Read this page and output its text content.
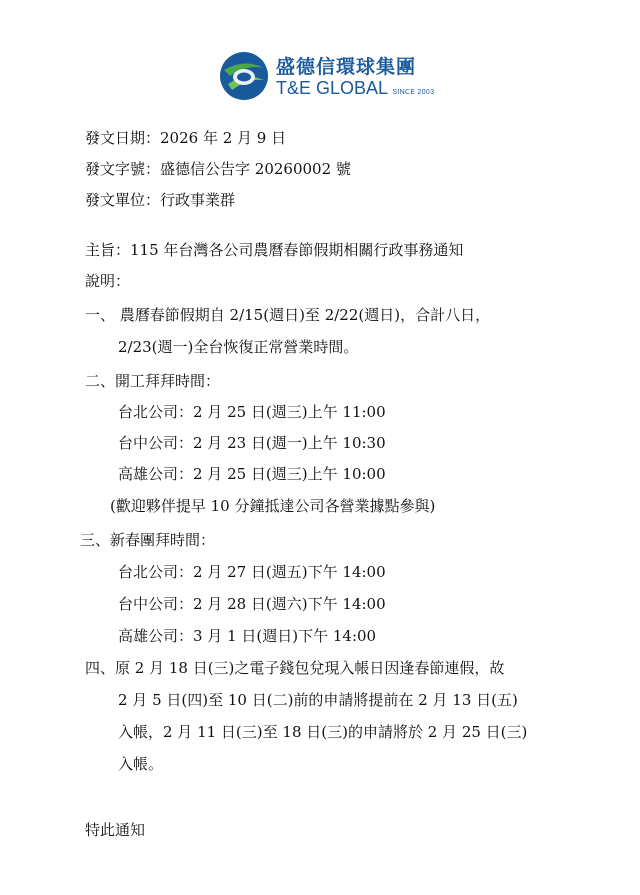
盛德信環球集團
T&E GLOBAL SINCE 2003
發文日期：2026 年 2 月 9 日
發文字號：盛德信公告字 20260002 號
發文單位：行政事業群
主旨：115 年台灣各公司農曆春節假期相關行政事務通知
說明：
一、 農曆春節假期自 2/15(週日)至 2/22(週日)，合計八日，
2/23(週一)全台恢復正常營業時間。
二、開工拜拜時間：
台北公司：2 月 25 日(週三)上午 11:00
台中公司：2 月 23 日(週一)上午 10:30
高雄公司：2 月 25 日(週三)上午 10:00
(歡迎夥伴提早 10 分鐘抵達公司各營業據點參與)
三、新春團拜時間：
台北公司：2 月 27 日(週五)下午 14:00
台中公司：2 月 28 日(週六)下午 14:00
高雄公司：3 月 1 日(週日)下午 14:00
四、原 2 月 18 日(三)之電子錢包兌現入帳日因逢春節連假，故
2 月 5 日(四)至 10 日(二)前的申請將提前在 2 月 13 日(五)
入帳，2 月 11 日(三)至 18 日(三)的申請將於 2 月 25 日(三)
入帳。
特此通知
